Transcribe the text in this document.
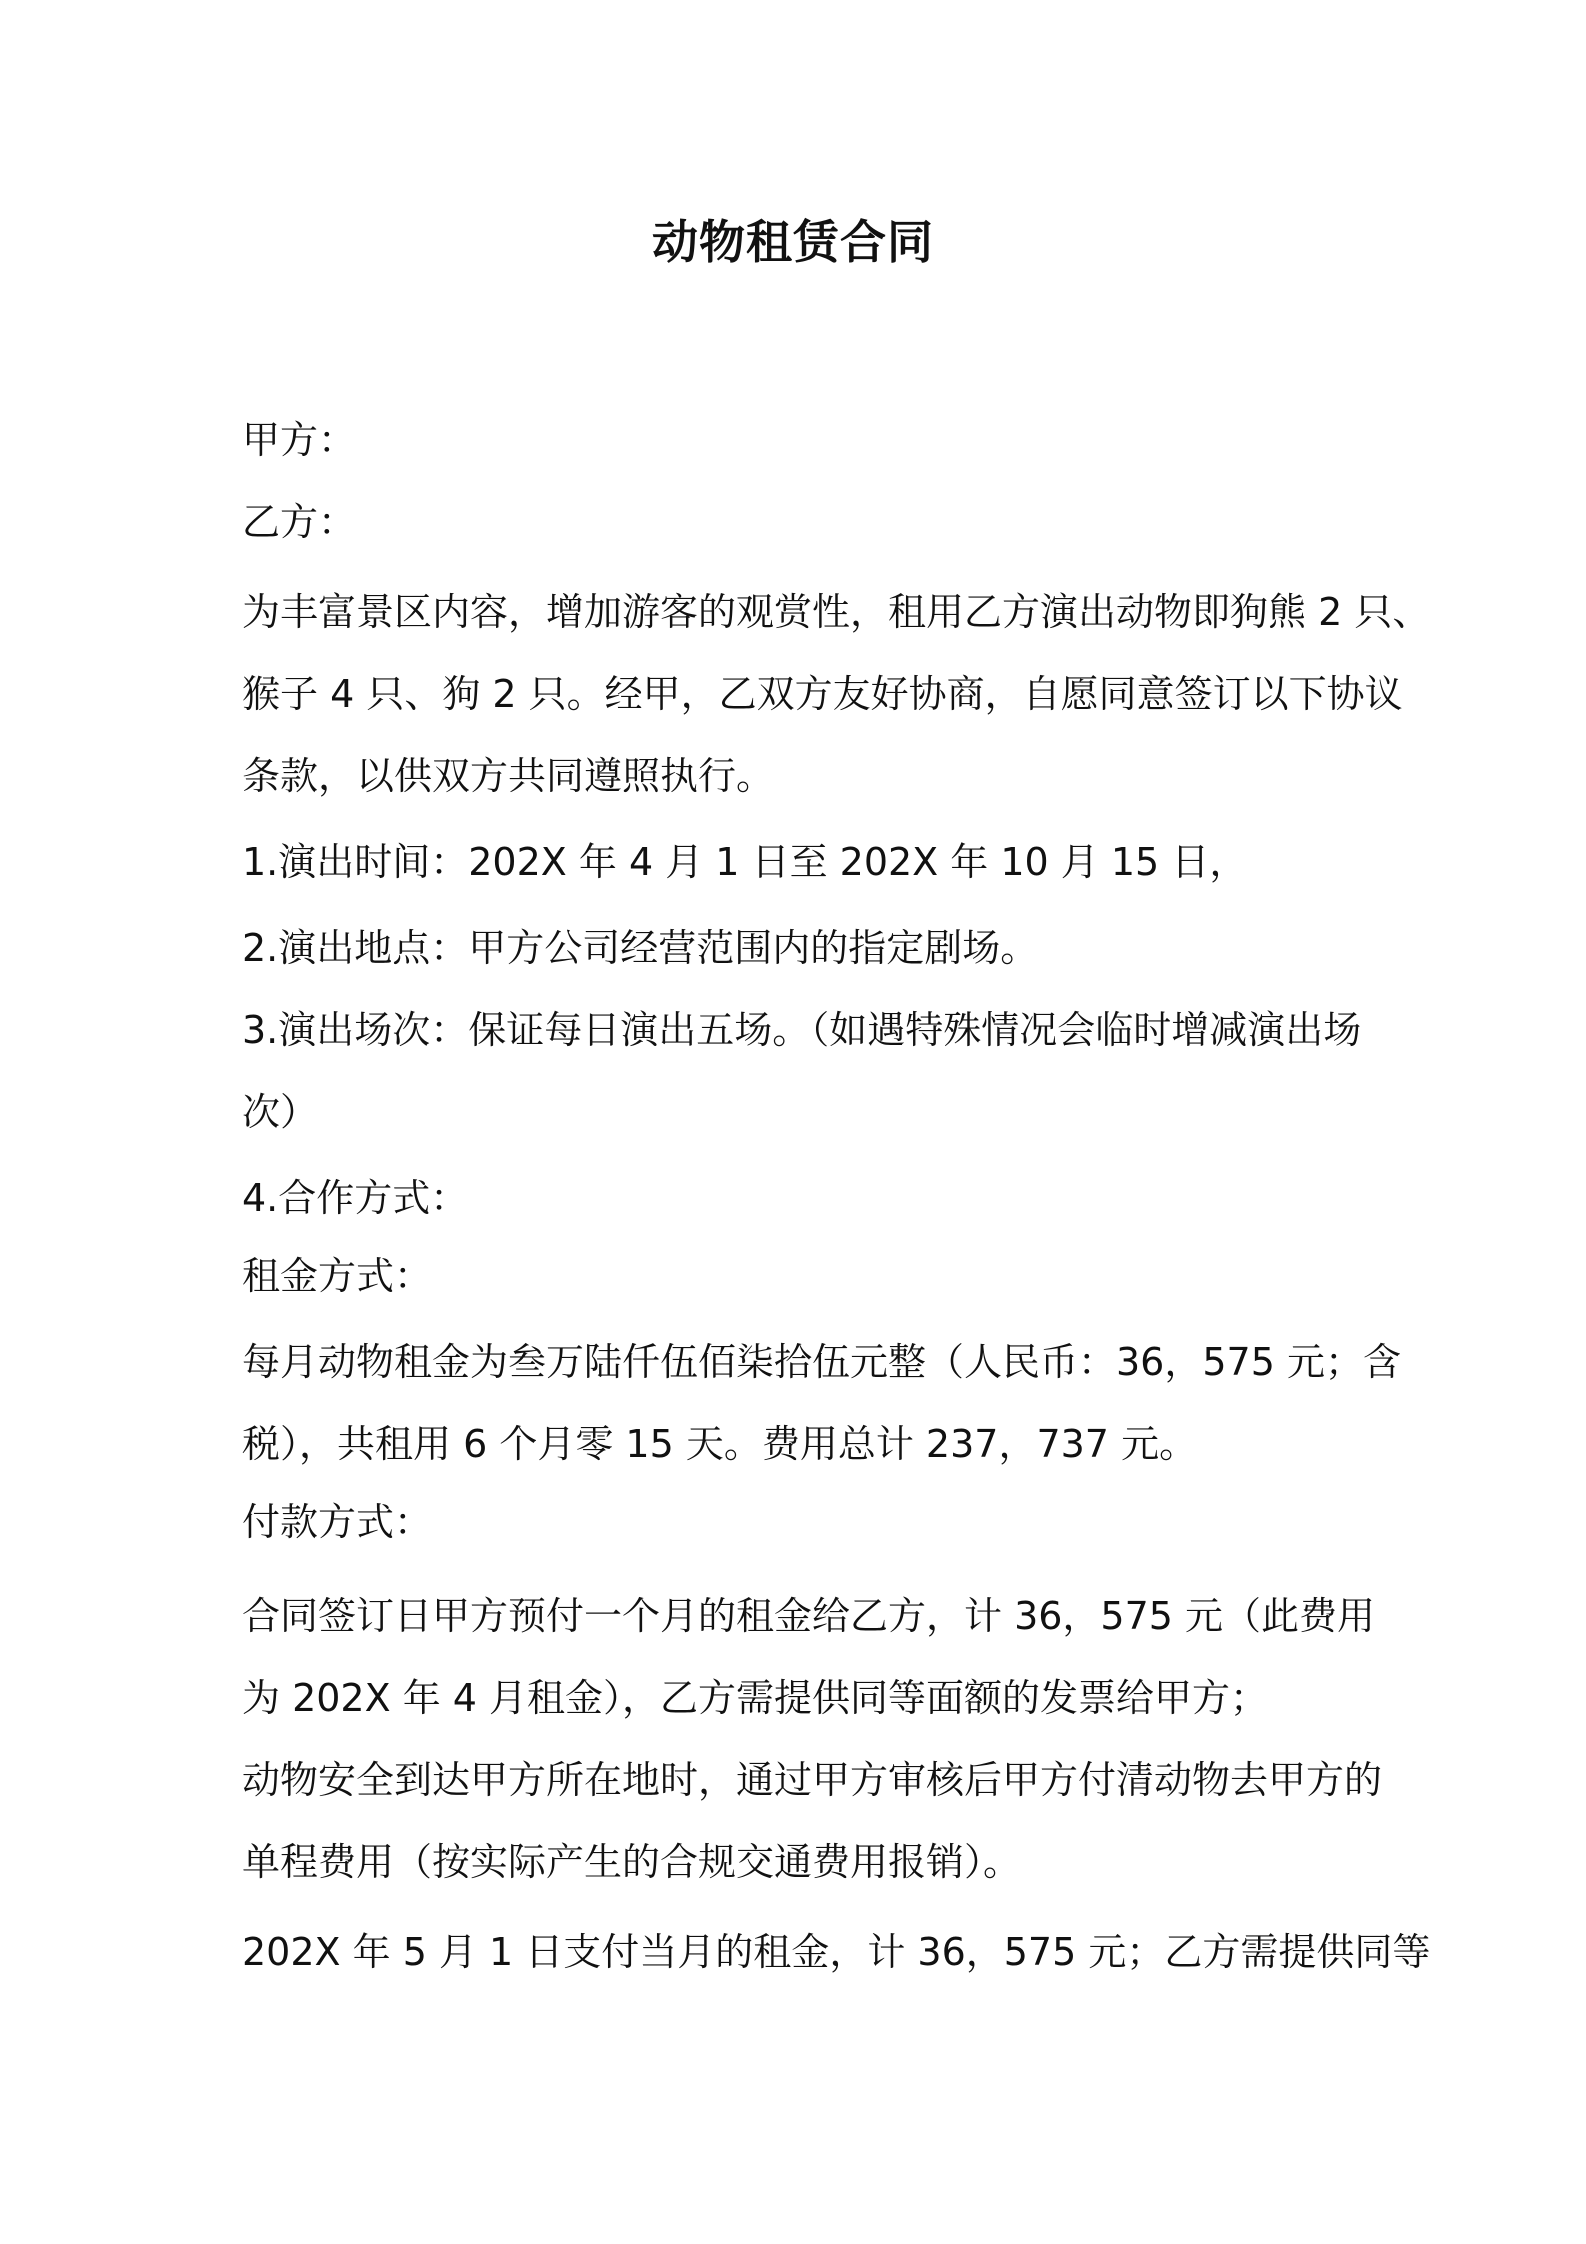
动物租赁合同
甲方：
乙方：
为丰富景区内容，增加游客的观赏性，租用乙方演出动物即狗熊 2 只、
猴子 4 只、狗 2 只。经甲，乙双方友好协商，自愿同意签订以下协议
条款，以供双方共同遵照执行。
1.演出时间：202X 年 4 月 1 日至 202X 年 10 月 15 日，
2.演出地点：甲方公司经营范围内的指定剧场。
3.演出场次：保证每日演出五场。（如遇特殊情况会临时增减演出场
次）
4.合作方式：
租金方式：
每月动物租金为叁万陆仟伍佰柒拾伍元整（人民币：36，575 元；含
税），共租用 6 个月零 15 天。费用总计 237，737 元。
付款方式：
合同签订日甲方预付一个月的租金给乙方，计 36，575 元（此费用
为 202X 年 4 月租金），乙方需提供同等面额的发票给甲方；
动物安全到达甲方所在地时，通过甲方审核后甲方付清动物去甲方的
单程费用（按实际产生的合规交通费用报销）。
202X 年 5 月 1 日支付当月的租金，计 36，575 元；乙方需提供同等
